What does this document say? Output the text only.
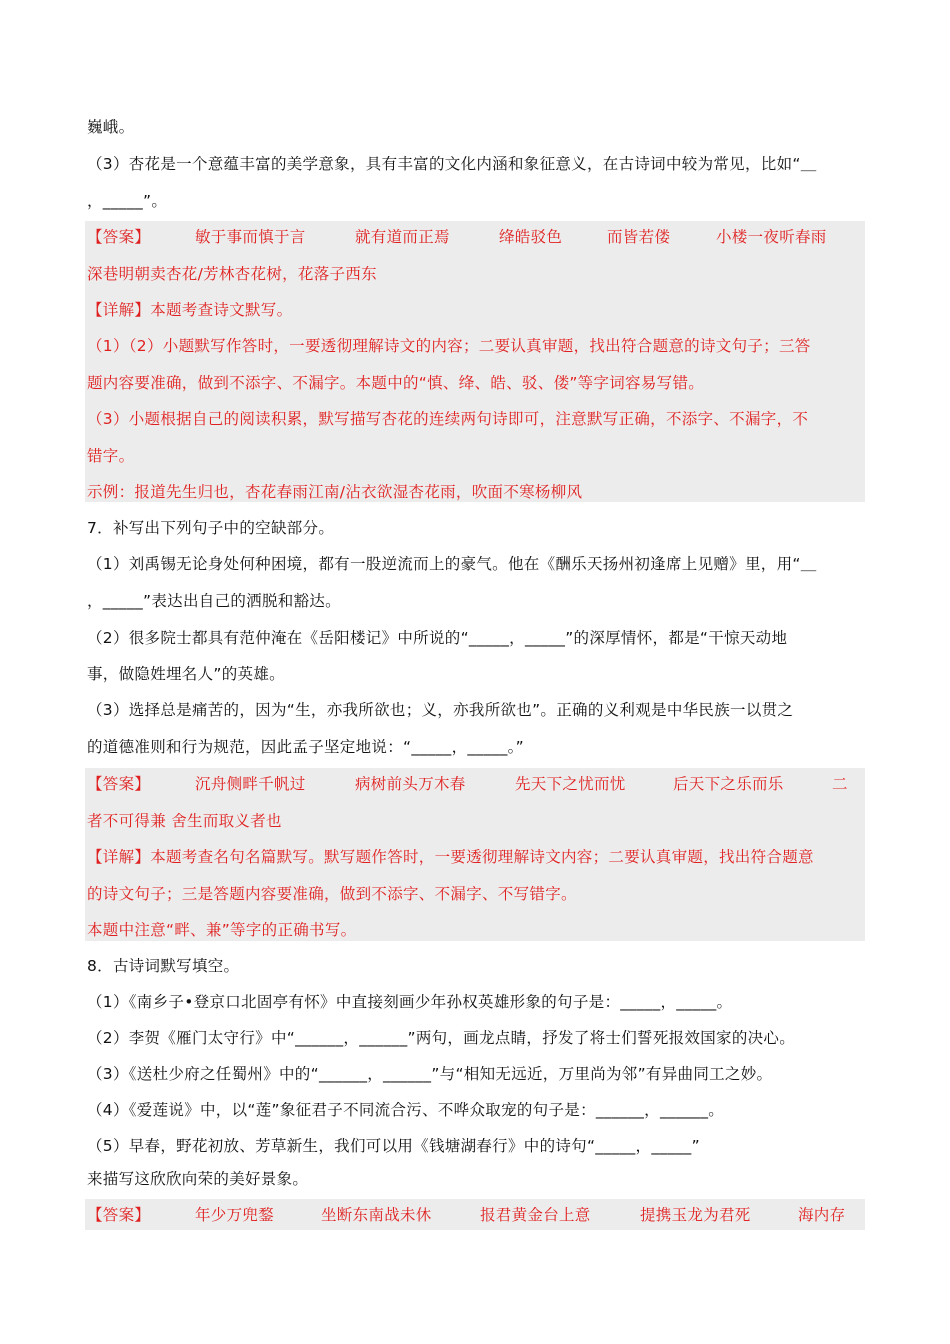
巍峨。
（3）杏花是一个意蕴丰富的美学意象，具有丰富的文化内涵和象征意义，在古诗词中较为常见，比如“＿
，_____”。
【答案】	敏于事而慎于言	就有道而正焉	绛皓驳色	而皆若偻	小楼一夜听春雨
深巷明朝卖杏花/芳林杏花树，花落子西东
【详解】本题考查诗文默写。
（1）（2）小题默写作答时，一要透彻理解诗文的内容；二要认真审题，找出符合题意的诗文句子；三答
题内容要准确，做到不添字、不漏字。本题中的“慎、绛、皓、驳、偻”等字词容易写错。
（3）小题根据自己的阅读积累，默写描写杏花的连续两句诗即可，注意默写正确，不添字、不漏字，不
错字。
示例：报道先生归也，杏花春雨江南/沾衣欲湿杏花雨，吹面不寒杨柳风
7．补写出下列句子中的空缺部分。
（1）刘禹锡无论身处何种困境，都有一股逆流而上的豪气。他在《酬乐天扬州初逢席上见赠》里，用“＿
，_____”表达出自己的洒脱和豁达。
（2）很多院士都具有范仲淹在《岳阳楼记》中所说的“_____，_____”的深厚情怀，都是“干惊天动地
事，做隐姓埋名人”的英雄。
（3）选择总是痛苦的，因为“生，亦我所欲也；义，亦我所欲也”。正确的义利观是中华民族一以贯之
的道德准则和行为规范，因此孟子坚定地说：“_____，_____。”
【答案】	沉舟侧畔千帆过	病树前头万木春	先天下之忧而忧	后天下之乐而乐	二
者不可得兼 舍生而取义者也
【详解】本题考查名句名篇默写。默写题作答时，一要透彻理解诗文内容；二要认真审题，找出符合题意
的诗文句子；三是答题内容要准确，做到不添字、不漏字、不写错字。
本题中注意“畔、兼”等字的正确书写。
8．古诗词默写填空。
（1）《南乡子•登京口北固亭有怀》中直接刻画少年孙权英雄形象的句子是：_____，_____。
（2）李贺《雁门太守行》中“______，______”两句，画龙点睛，抒发了将士们誓死报效国家的决心。
（3）《送杜少府之任蜀州》中的“______，______”与“相知无远近，万里尚为邻”有异曲同工之妙。
（4）《爱莲说》中，以“莲”象征君子不同流合污、不哗众取宠的句子是：______，______。
（5）早春，野花初放、芳草新生，我们可以用《钱塘湖春行》中的诗句“_____，_____”
来描写这欣欣向荣的美好景象。
【答案】	年少万兜鍪	坐断东南战未休	报君黄金台上意	提携玉龙为君死	海内存
